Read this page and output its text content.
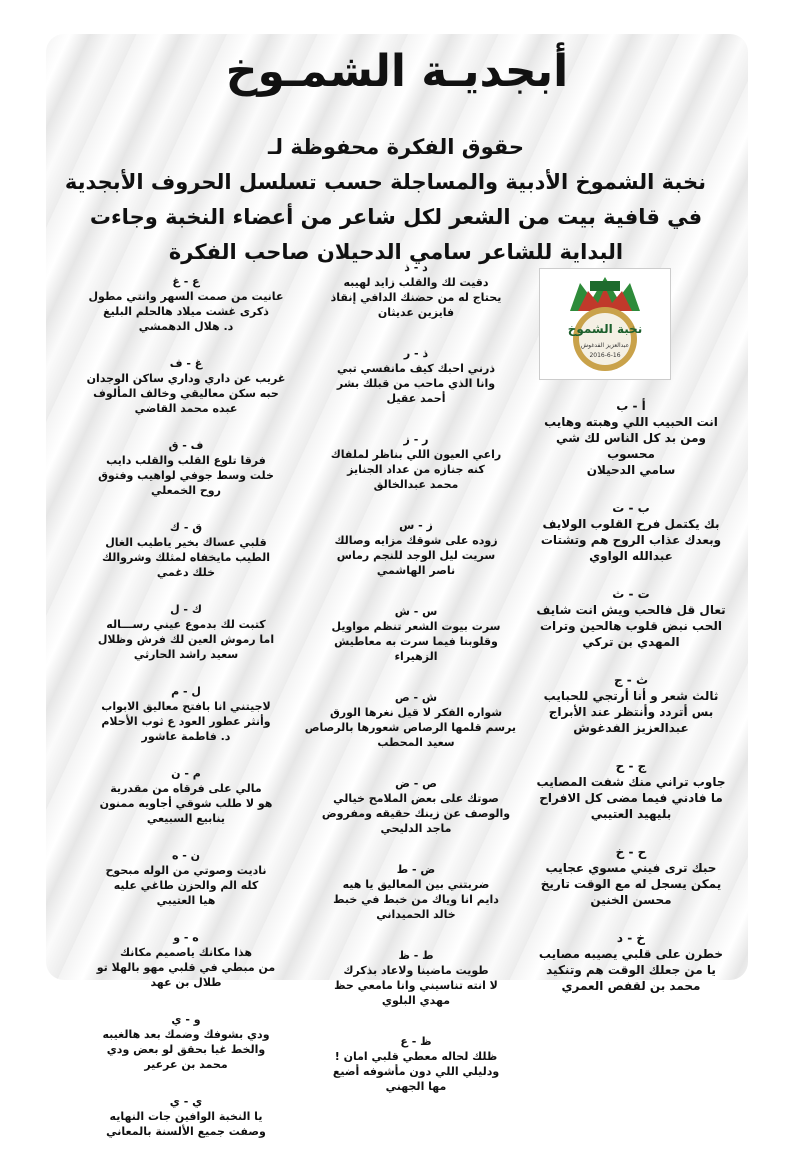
أبجديـة الشمـوخ
حقوق الفكرة محفوظة لـ
نخبة الشموخ الأدبية والمساجلة حسب تسلسل الحروف الأبجدية
في قافية بيت من الشعر لكل شاعر من أعضاء النخبة وجاءت
البداية للشاعر سامي الدحيلان صاحب الفكرة
نخبة الشموخ
عبدالعزيز الفدغوش
2016-6-16
أ - ب
انت الحبيب اللي وهبته وهايب
ومن بد كل الناس لك شي
محسوب
سامي الدحيلان
ب - ت
بك يكتمل فرح القلوب الولايف
وبعدك عذاب الروح هم وتشتات
عبدالله الواوي
ت - ث
تعال قل فالحب ويش انت شايف
الحب نبض قلوب هالحين وترات
المهدي بن تركي
ث - ج
ثالث شعر و أنا أرتجي للحبايب
بس أتردد وأنتظر عند الأبراج
عبدالعزيز الفدغوش
ج - ح
جاوب تراني منك شفت المصايب
ما فادني فيما مضى كل الافراح
بليهيد العتيبي
ح - خ
حبك ترى فيني مسوي عجايب
يمكن يسجل له مع الوقت تاريخ
محسن الخنين
خ - د
خطرن على قلبي يصيبه مصايب
يا من جعلك الوقت هم وتنكيد
محمد بن لقفص العمري
د - ذ
دقيت لك والقلب زايد لهيبه
يحتاج له من حضنك الدافي إنقاذ
فايزين عديثان
ذ - ر
ذرني احبك كيف مانفسي تبي
وانا الذي ماحب من قبلك بشر
أحمد عقيل
ر - ز
راعي العيون اللي بناظر لملفاك
كنه جنازه من عداد الجنايز
محمد عبدالخالق
ز - س
زوده على شوقك مزايه وصالك
سريت ليل الوجد للنجم رماس
ناصر الهاشمي
س - ش
سرت بيوت الشعر تنظم مواويل
وقلوبنا فيما سرت به معاطيش
الزهيراء
ش - ص
شواره الفكر لا قيل نغرها الورق
يرسم قلمها الرصاص شعورها بالرصاص
سعيد المحطب
ص - ض
صوتك على بعض الملامح خيالي
والوصف عن زينك حقيقه ومفروض
ماجد الدليحي
ض - ط
ضربتني بين المعاليق يا هيه
دايم انا وياك من خبط في خبط
خالد الحميداني
ط - ظ
طويت ماضينا ولاعاد بذكرك
لا انته تناسيني وانا مامعي حظ
مهدي البلوي
ظ - ع
ظلك لحاله معطي قلبي امان !
ودليلي اللي دون مأشوفه أضيع
مها الجهني
ع - غ
عانيت من صمت السهر وانتي مطول
ذكرى غشت ميلاد هالحلم البليغ
د. هلال الدهمشي
غ - ف
غريب عن داري وداري ساكن الوجدان
حبه سكن معاليقي وخالف المألوف
عبده محمد القاضي
ف - ق
فرقا تلوع القلب والقلب دايب
خلت وسط جوفي لواهيب وفتوق
روح الخمعلي
ق - ك
قلبي عساك بخير ياطيب الغال
الطيب مايخفاه لمثلك وشروالك
خلك دغمي
ك - ل
كتبت لك بدموع عيني رســـاله
اما رموش العين لك فرش وظلال
سعيد راشد الحارثي
ل - م
لاجيتني انا بافتح معاليق الابواب
وأنثر عطور العود ع ثوب الأحلام
د. فاطمة عاشور
م - ن
مالي على فرقاه من مقدرية
هو لا طلب شوقي أجاويه ممنون
ينابيع السبيعي
ن - ه
ناديت وصوتي من الوله مبحوح
كله الم والحزن طاغي عليه
هيا العتيبي
ه - و
هذا مكانك ياصميم مكانك
من مبطي في قلبي مهو بالهلا تو
طلال بن عهد
و - ي
ودي بشوفك وضمك بعد هالغيبه
والخط غيا بحقق لو بعض ودي
محمد بن عرعير
ي - ي
يا النخبة الوافين جات النهايه
وصفت جميع الألسنة بالمعاني
